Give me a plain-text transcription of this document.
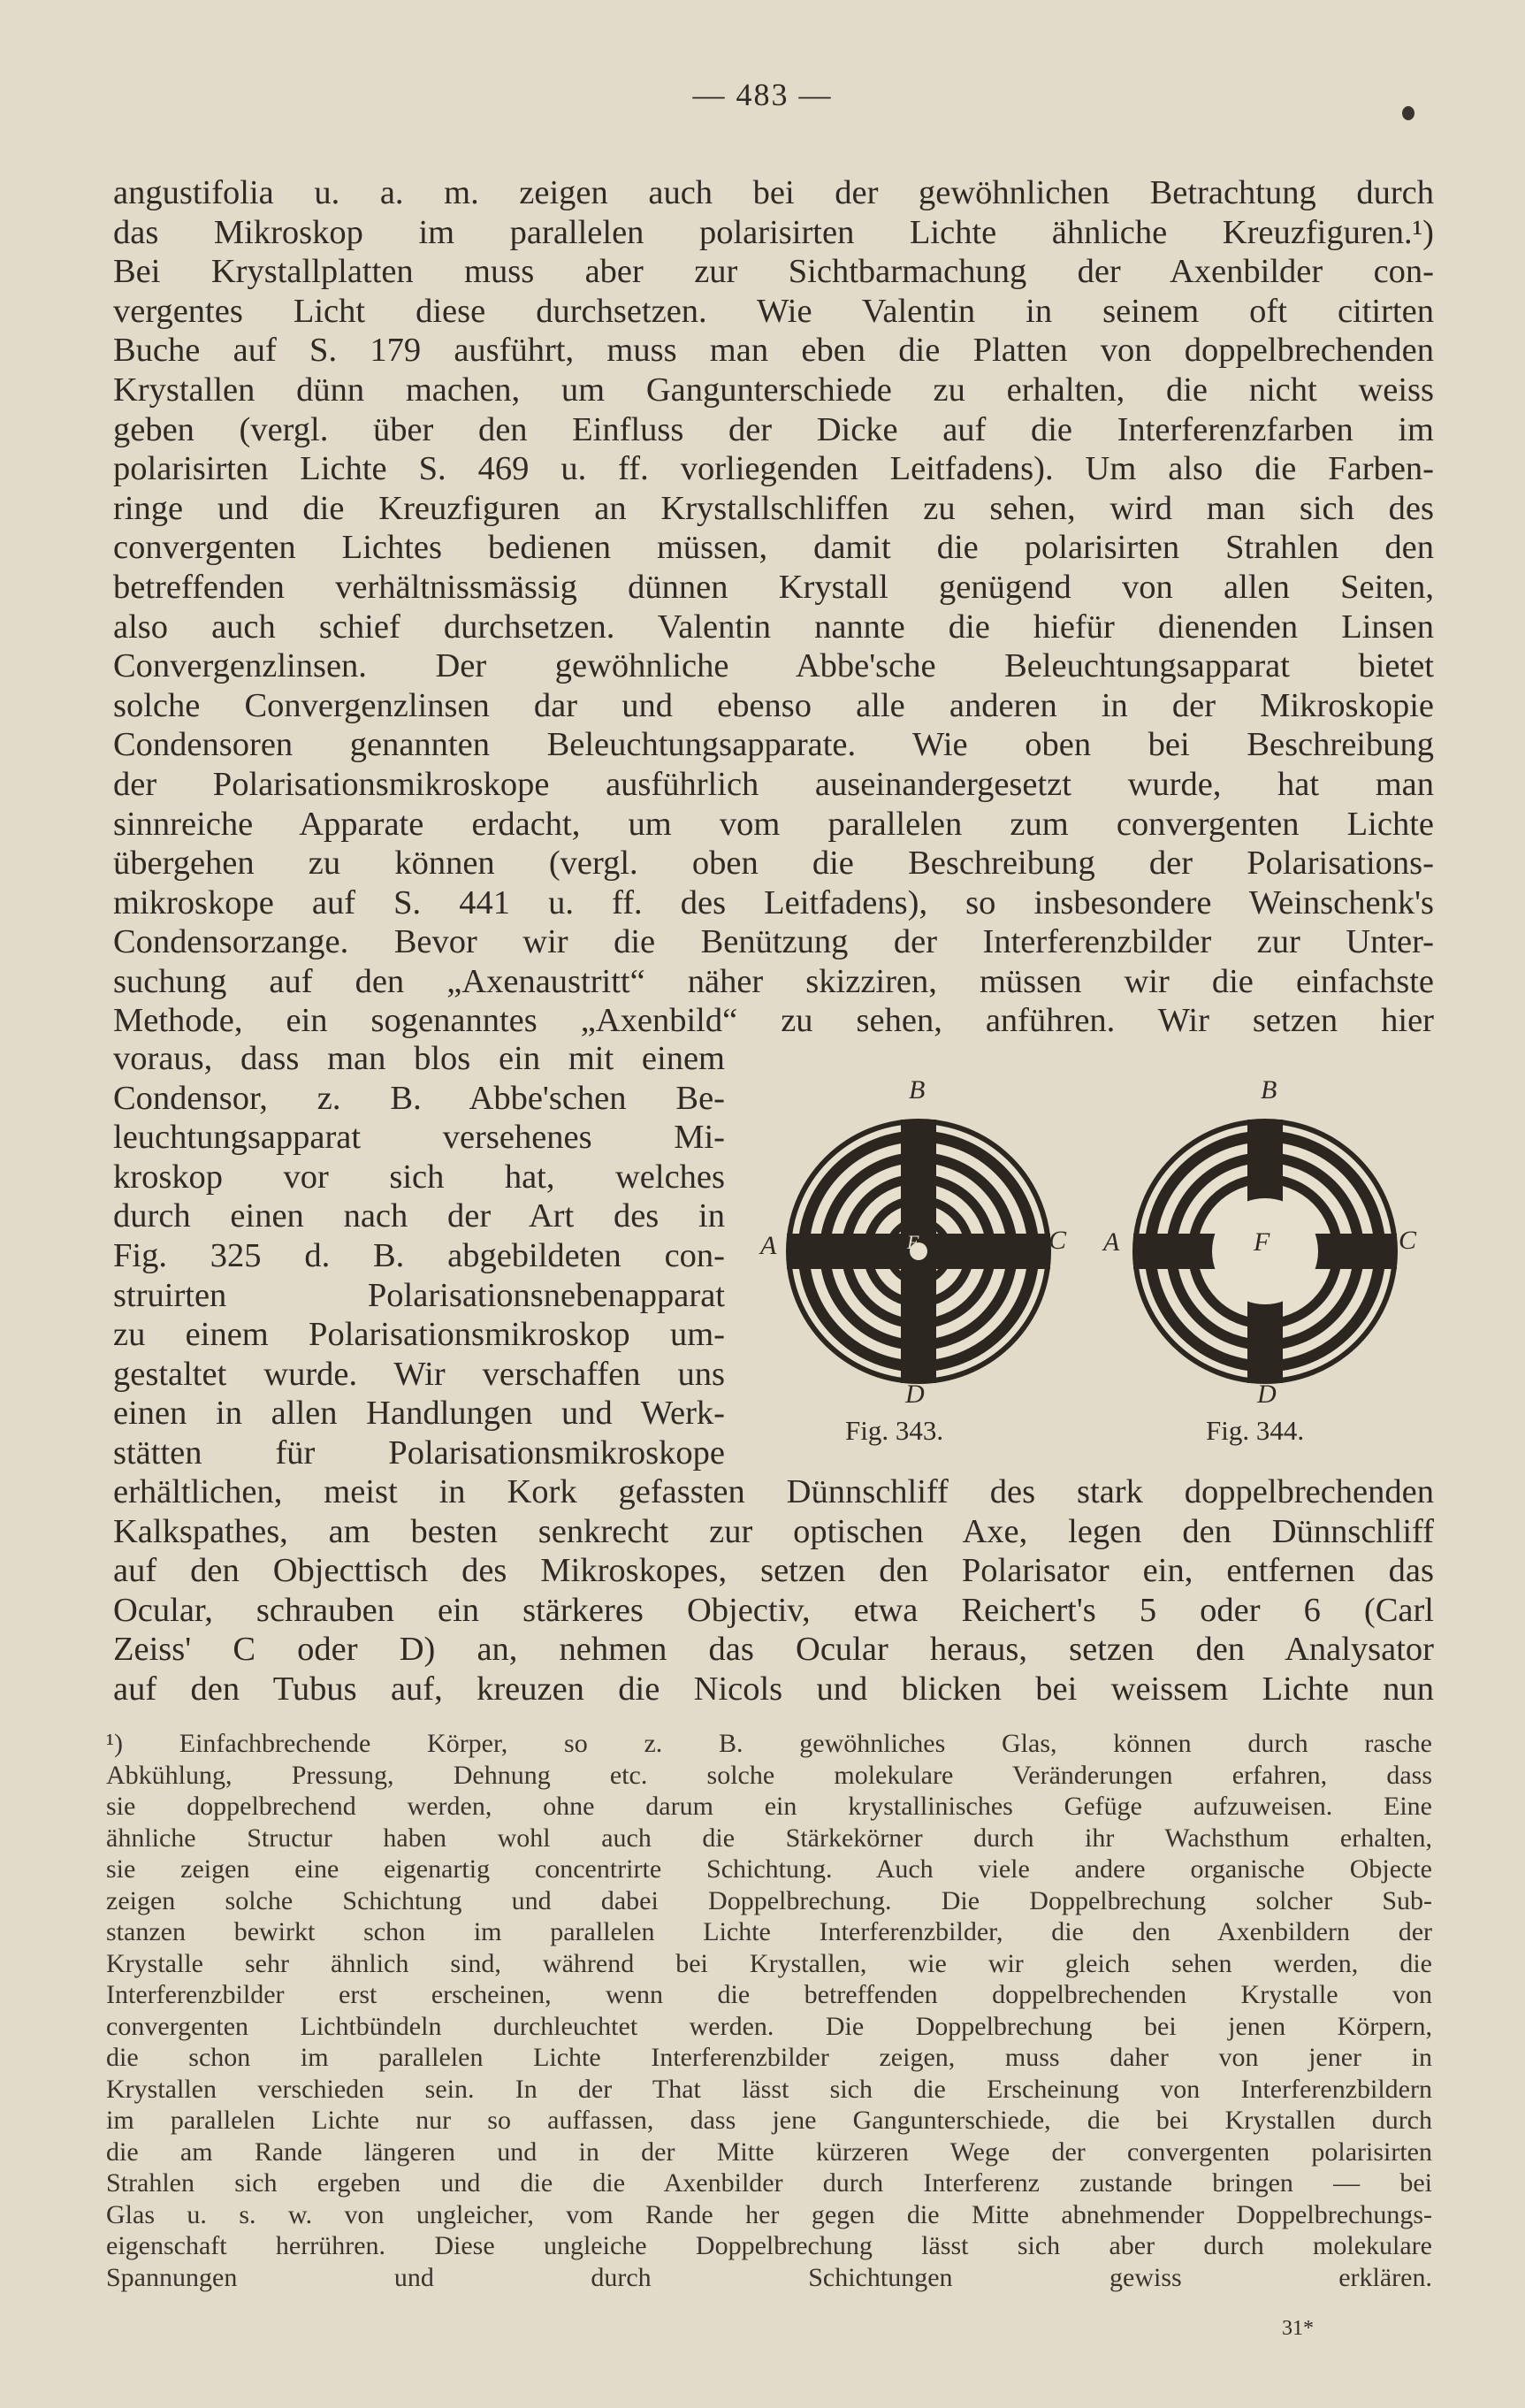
— 483 —
angustifolia u. a. m. zeigen auch bei der gewöhnlichen Betrachtung durch
das Mikroskop im parallelen polarisirten Lichte ähnliche Kreuzfiguren.¹)
Bei Krystallplatten muss aber zur Sichtbarmachung der Axenbilder con-
vergentes Licht diese durchsetzen. Wie Valentin in seinem oft citirten
Buche auf S. 179 ausführt, muss man eben die Platten von doppelbrechenden
Krystallen dünn machen, um Gangunterschiede zu erhalten, die nicht weiss
geben (vergl. über den Einfluss der Dicke auf die Interferenzfarben im
polarisirten Lichte S. 469 u. ff. vorliegenden Leitfadens). Um also die Farben-
ringe und die Kreuzfiguren an Krystallschliffen zu sehen, wird man sich des
convergenten Lichtes bedienen müssen, damit die polarisirten Strahlen den
betreffenden verhältnissmässig dünnen Krystall genügend von allen Seiten,
also auch schief durchsetzen. Valentin nannte die hiefür dienenden Linsen
Convergenzlinsen. Der gewöhnliche Abbe'sche Beleuchtungsapparat bietet
solche Convergenzlinsen dar und ebenso alle anderen in der Mikroskopie
Condensoren genannten Beleuchtungsapparate. Wie oben bei Beschreibung
der Polarisationsmikroskope ausführlich auseinandergesetzt wurde, hat man
sinnreiche Apparate erdacht, um vom parallelen zum convergenten Lichte
übergehen zu können (vergl. oben die Beschreibung der Polarisations-
mikroskope auf S. 441 u. ff. des Leitfadens), so insbesondere Weinschenk's
Condensorzange. Bevor wir die Benützung der Interferenzbilder zur Unter-
suchung auf den „Axenaustritt“ näher skizziren, müssen wir die einfachste
Methode, ein sogenanntes „Axenbild“ zu sehen, anführen. Wir setzen hier
voraus, dass man blos ein mit einem
Condensor, z. B. Abbe'schen Be-
leuchtungsapparat versehenes Mi-
kroskop vor sich hat, welches
durch einen nach der Art des in
Fig. 325 d. B. abgebildeten con-
struirten Polarisationsnebenapparat
zu einem Polarisationsmikroskop um-
gestaltet wurde. Wir verschaffen uns
einen in allen Handlungen und Werk-
stätten für Polarisationsmikroskope
B
D
A	C
F
Fig. 343.
B
D
A	C
F
Fig. 344.
erhältlichen, meist in Kork gefassten Dünnschliff des stark doppelbrechenden
Kalkspathes, am besten senkrecht zur optischen Axe, legen den Dünnschliff
auf den Objecttisch des Mikroskopes, setzen den Polarisator ein, entfernen das
Ocular, schrauben ein stärkeres Objectiv, etwa Reichert's 5 oder 6 (Carl
Zeiss' C oder D) an, nehmen das Ocular heraus, setzen den Analysator
auf den Tubus auf, kreuzen die Nicols und blicken bei weissem Lichte nun
¹) Einfachbrechende Körper, so z. B. gewöhnliches Glas, können durch rasche
Abkühlung, Pressung, Dehnung etc. solche molekulare Veränderungen erfahren, dass
sie doppelbrechend werden, ohne darum ein krystallinisches Gefüge aufzuweisen. Eine
ähnliche Structur haben wohl auch die Stärkekörner durch ihr Wachsthum erhalten,
sie zeigen eine eigenartig concentrirte Schichtung. Auch viele andere organische Objecte
zeigen solche Schichtung und dabei Doppelbrechung. Die Doppelbrechung solcher Sub-
stanzen bewirkt schon im parallelen Lichte Interferenzbilder, die den Axenbildern der
Krystalle sehr ähnlich sind, während bei Krystallen, wie wir gleich sehen werden, die
Interferenzbilder erst erscheinen, wenn die betreffenden doppelbrechenden Krystalle von
convergenten Lichtbündeln durchleuchtet werden. Die Doppelbrechung bei jenen Körpern,
die schon im parallelen Lichte Interferenzbilder zeigen, muss daher von jener in
Krystallen verschieden sein. In der That lässt sich die Erscheinung von Interferenzbildern
im parallelen Lichte nur so auffassen, dass jene Gangunterschiede, die bei Krystallen durch
die am Rande längeren und in der Mitte kürzeren Wege der convergenten polarisirten
Strahlen sich ergeben und die die Axenbilder durch Interferenz zustande bringen — bei
Glas u. s. w. von ungleicher, vom Rande her gegen die Mitte abnehmender Doppelbrechungs-
eigenschaft herrühren. Diese ungleiche Doppelbrechung lässt sich aber durch molekulare
Spannungen und durch Schichtungen gewiss erklären.
31*
